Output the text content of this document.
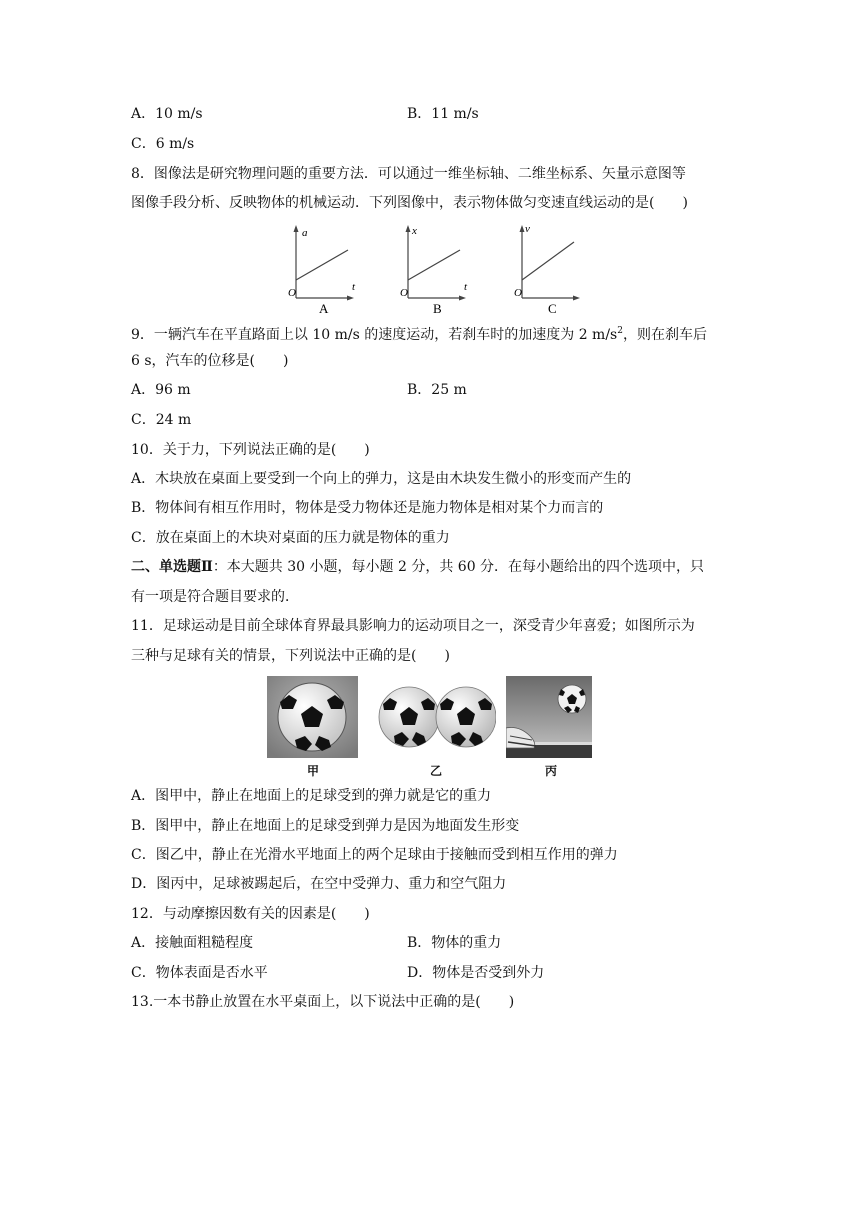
A．10 m/s	B．11 m/s
C．6 m/s
8．图像法是研究物理问题的重要方法．可以通过一维坐标轴、二维坐标系、矢量示意图等
图像手段分析、反映物体的机械运动．下列图像中，表示物体做匀变速直线运动的是(　　)
a
t
O
A
x
t
O
B
v
O
C
9．一辆汽车在平直路面上以 10 m/s 的速度运动，若刹车时的加速度为 2 $m/s^2$，则在刹车后
6 s，汽车的位移是(　　)
A．96 m	B．25 m
C．24 m
10．关于力，下列说法正确的是(　　)
A．木块放在桌面上要受到一个向上的弹力，这是由木块发生微小的形变而产生的
B．物体间有相互作用时，物体是受力物体还是施力物体是相对某个力而言的
C．放在桌面上的木块对桌面的压力就是物体的重力
二、单选题Ⅱ：本大题共 30 小题，每小题 2 分，共 60 分．在每小题给出的四个选项中，只
有一项是符合题目要求的．
11．足球运动是目前全球体育界最具影响力的运动项目之一，深受青少年喜爱；如图所示为
三种与足球有关的情景，下列说法中正确的是(　　)
甲	乙	丙
A．图甲中，静止在地面上的足球受到的弹力就是它的重力
B．图甲中，静止在地面上的足球受到弹力是因为地面发生形变
C．图乙中，静止在光滑水平地面上的两个足球由于接触而受到相互作用的弹力
D．图丙中，足球被踢起后，在空中受弹力、重力和空气阻力
12．与动摩擦因数有关的因素是(　　)
A．接触面粗糙程度	B．物体的重力
C．物体表面是否水平	D．物体是否受到外力
13.一本书静止放置在水平桌面上，以下说法中正确的是(　　)
